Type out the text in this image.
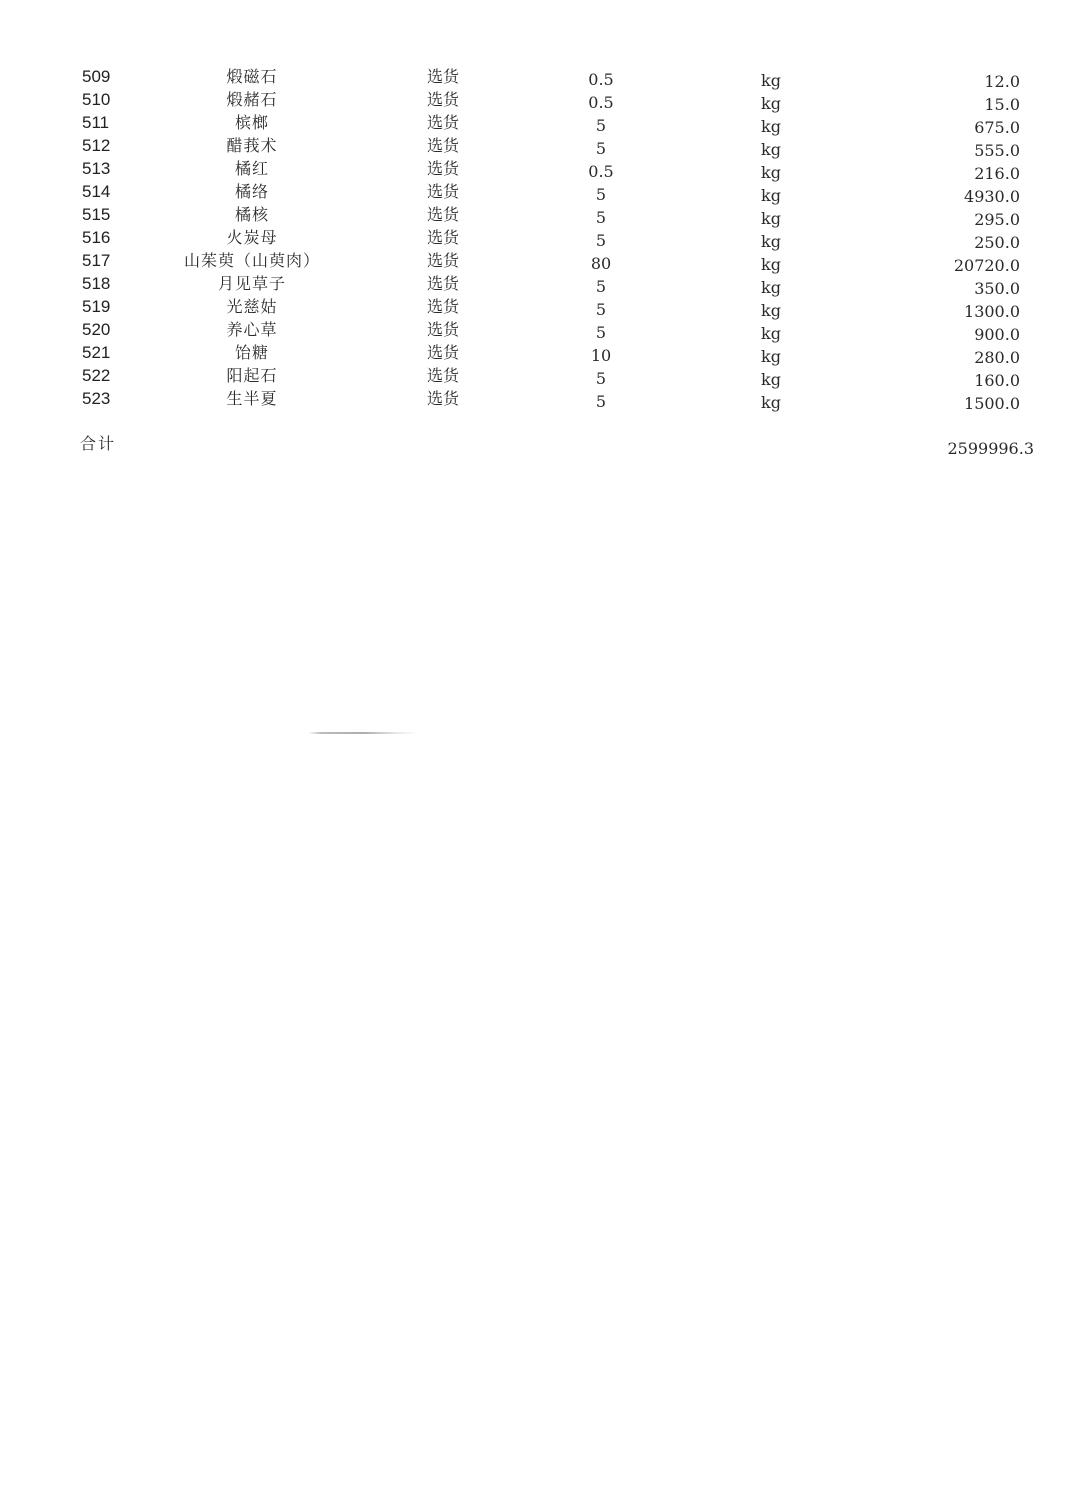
509	煅磁石	选货	0.5	kg	12.0
510	煅赭石	选货	0.5	kg	15.0
511	槟榔	选货	5	kg	675.0
512	醋莪术	选货	5	kg	555.0
513	橘红	选货	0.5	kg	216.0
514	橘络	选货	5	kg	4930.0
515	橘核	选货	5	kg	295.0
516	火炭母	选货	5	kg	250.0
517	山茱萸（山萸肉）	选货	80	kg	20720.0
518	月见草子	选货	5	kg	350.0
519	光慈姑	选货	5	kg	1300.0
520	养心草	选货	5	kg	900.0
521	饴糖	选货	10	kg	280.0
522	阳起石	选货	5	kg	160.0
523	生半夏	选货	5	kg	1500.0
合计	2599996.3
